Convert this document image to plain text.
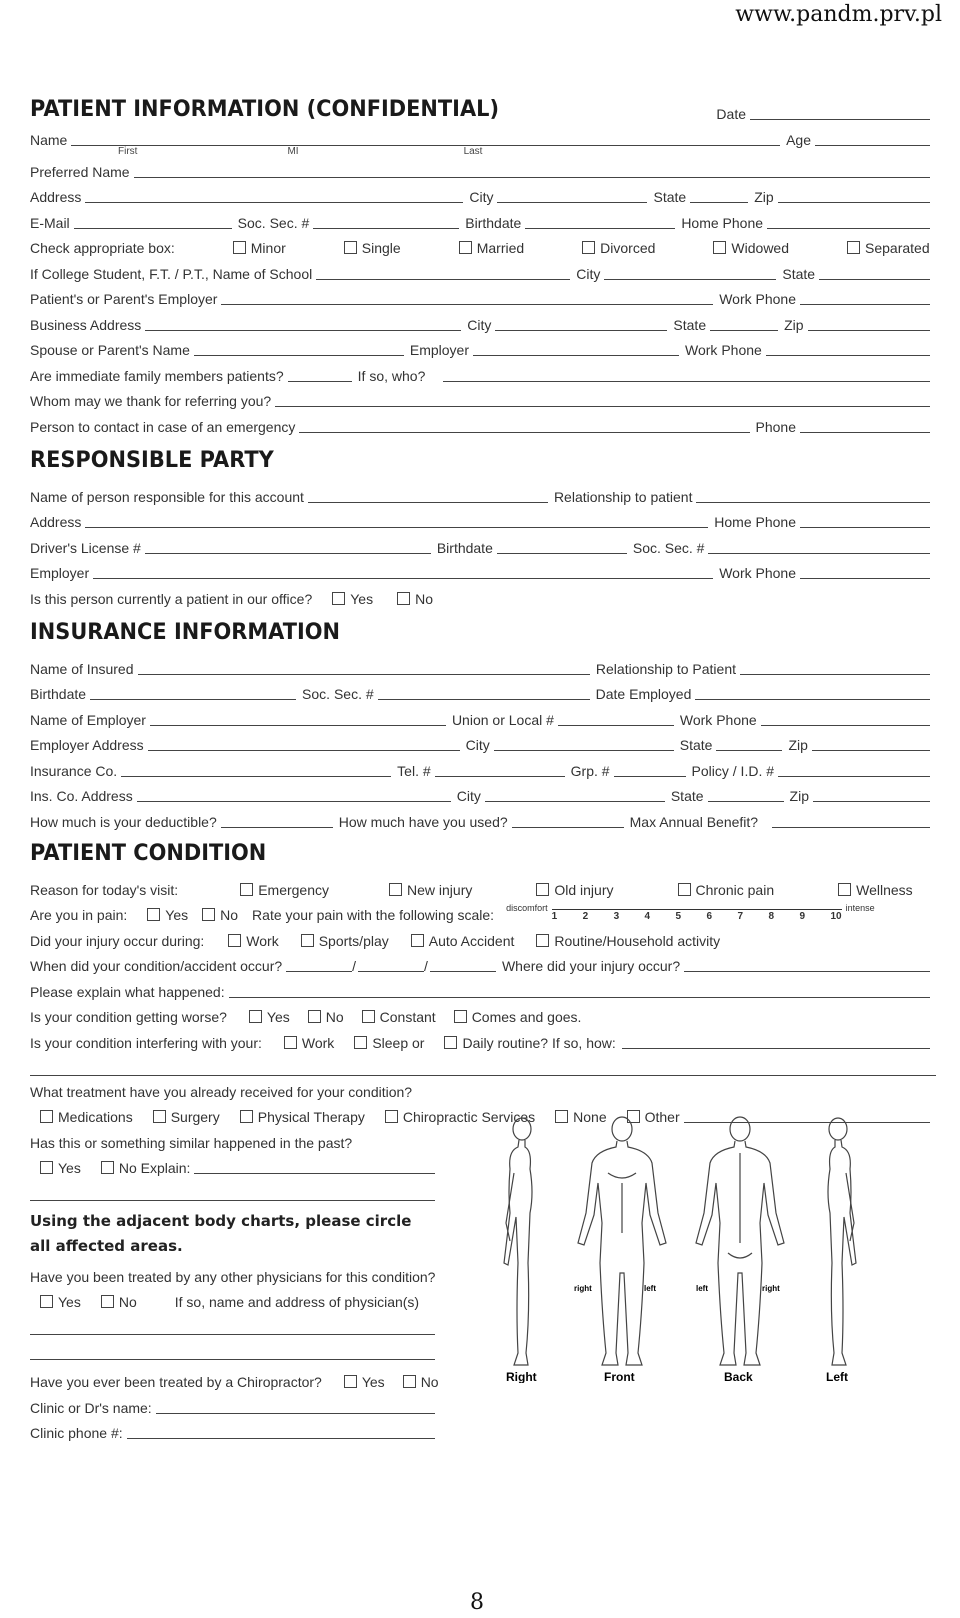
www.pandm.prv.pl
PATIENT INFORMATION (CONFIDENTIAL)	Date
Name	Age
First	MI	Last
Preferred Name
Address	City	State	Zip
E-Mail	Soc. Sec. #	Birthdate	Home Phone
Check appropriate box:	Minor	Single	Married	Divorced	Widowed	Separated
If College Student, F.T. / P.T., Name of School	City	State
Patient's or Parent's Employer	Work Phone
Business Address	City	State	Zip
Spouse or Parent's Name	Employer	Work Phone
Are immediate family members patients?	If so, who?
Whom may we thank for referring you?
Person to contact in case of an emergency	Phone
RESPONSIBLE PARTY
Name of person responsible for this account	Relationship to patient
Address	Home Phone
Driver's License #	Birthdate	Soc. Sec. #
Employer	Work Phone
Is this person currently a patient in our office?	Yes	No
INSURANCE INFORMATION
Name of Insured	Relationship to Patient
Birthdate	Soc. Sec. #	Date Employed
Name of Employer	Union or Local #	Work Phone
Employer Address	City	State	Zip
Insurance Co.	Tel. #	Grp. #	Policy / I.D. #
Ins. Co. Address	City	State	Zip
How much is your deductible?	How much have you used?	Max Annual Benefit?
PATIENT CONDITION
Reason for today's visit:	Emergency	New injury	Old injury	Chronic pain	Wellness
Are you in pain:	Yes No Rate your pain with the following scale: discomfort
1	2	3	4	5	6	7	8	9	10
intense
Did your injury occur during:	Work	Sports/play	Auto Accident	Routine/Household activity
When did your condition/accident occur?	/	/	Where did your injury occur?
Please explain what happened:
Is your condition getting worse?	Yes	No	Constant	Comes and goes.
Is your condition interfering with your:	Work	Sleep or	Daily routine? If so, how:
What treatment have you already received for your condition?
Medications	Surgery	Physical Therapy	Chiropractic Services	None	Other
Has this or something similar happened in the past?
Yes	No Explain:
Using the adjacent body charts, please circle
all affected areas.
Have you been treated by any other physicians for this condition?
Yes	No	If so, name and address of physician(s)
Have you ever been treated by a Chiropractor?	Yes	No
Clinic or Dr's name:
Clinic phone #:
right	left	left	right
Right	Front	Back	Left
8
